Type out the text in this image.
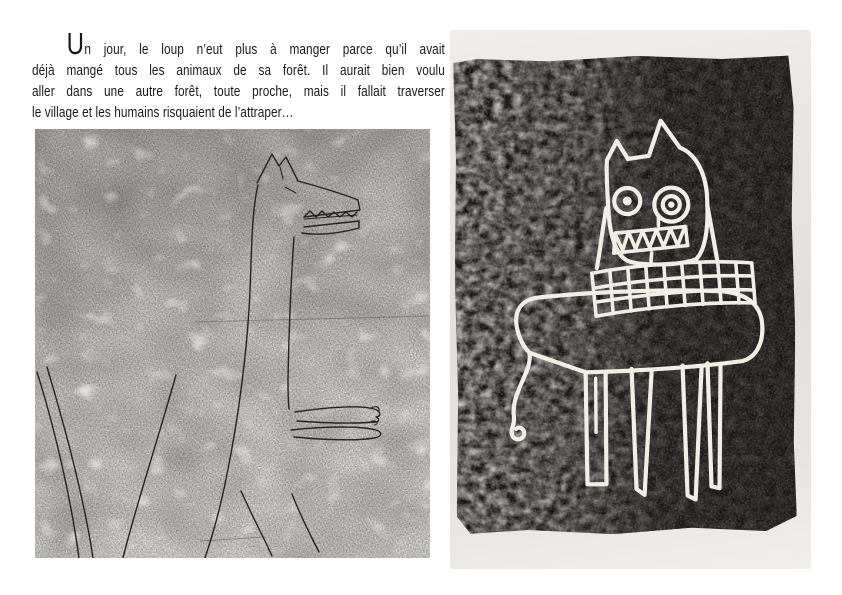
Un jour, le loup n’eut plus à manger parce qu’il avait
déjà mangé tous les animaux de sa forêt. Il aurait bien voulu
aller dans une autre forêt, toute proche, mais il fallait traverser
le village et les humains risquaient de l’attraper…
